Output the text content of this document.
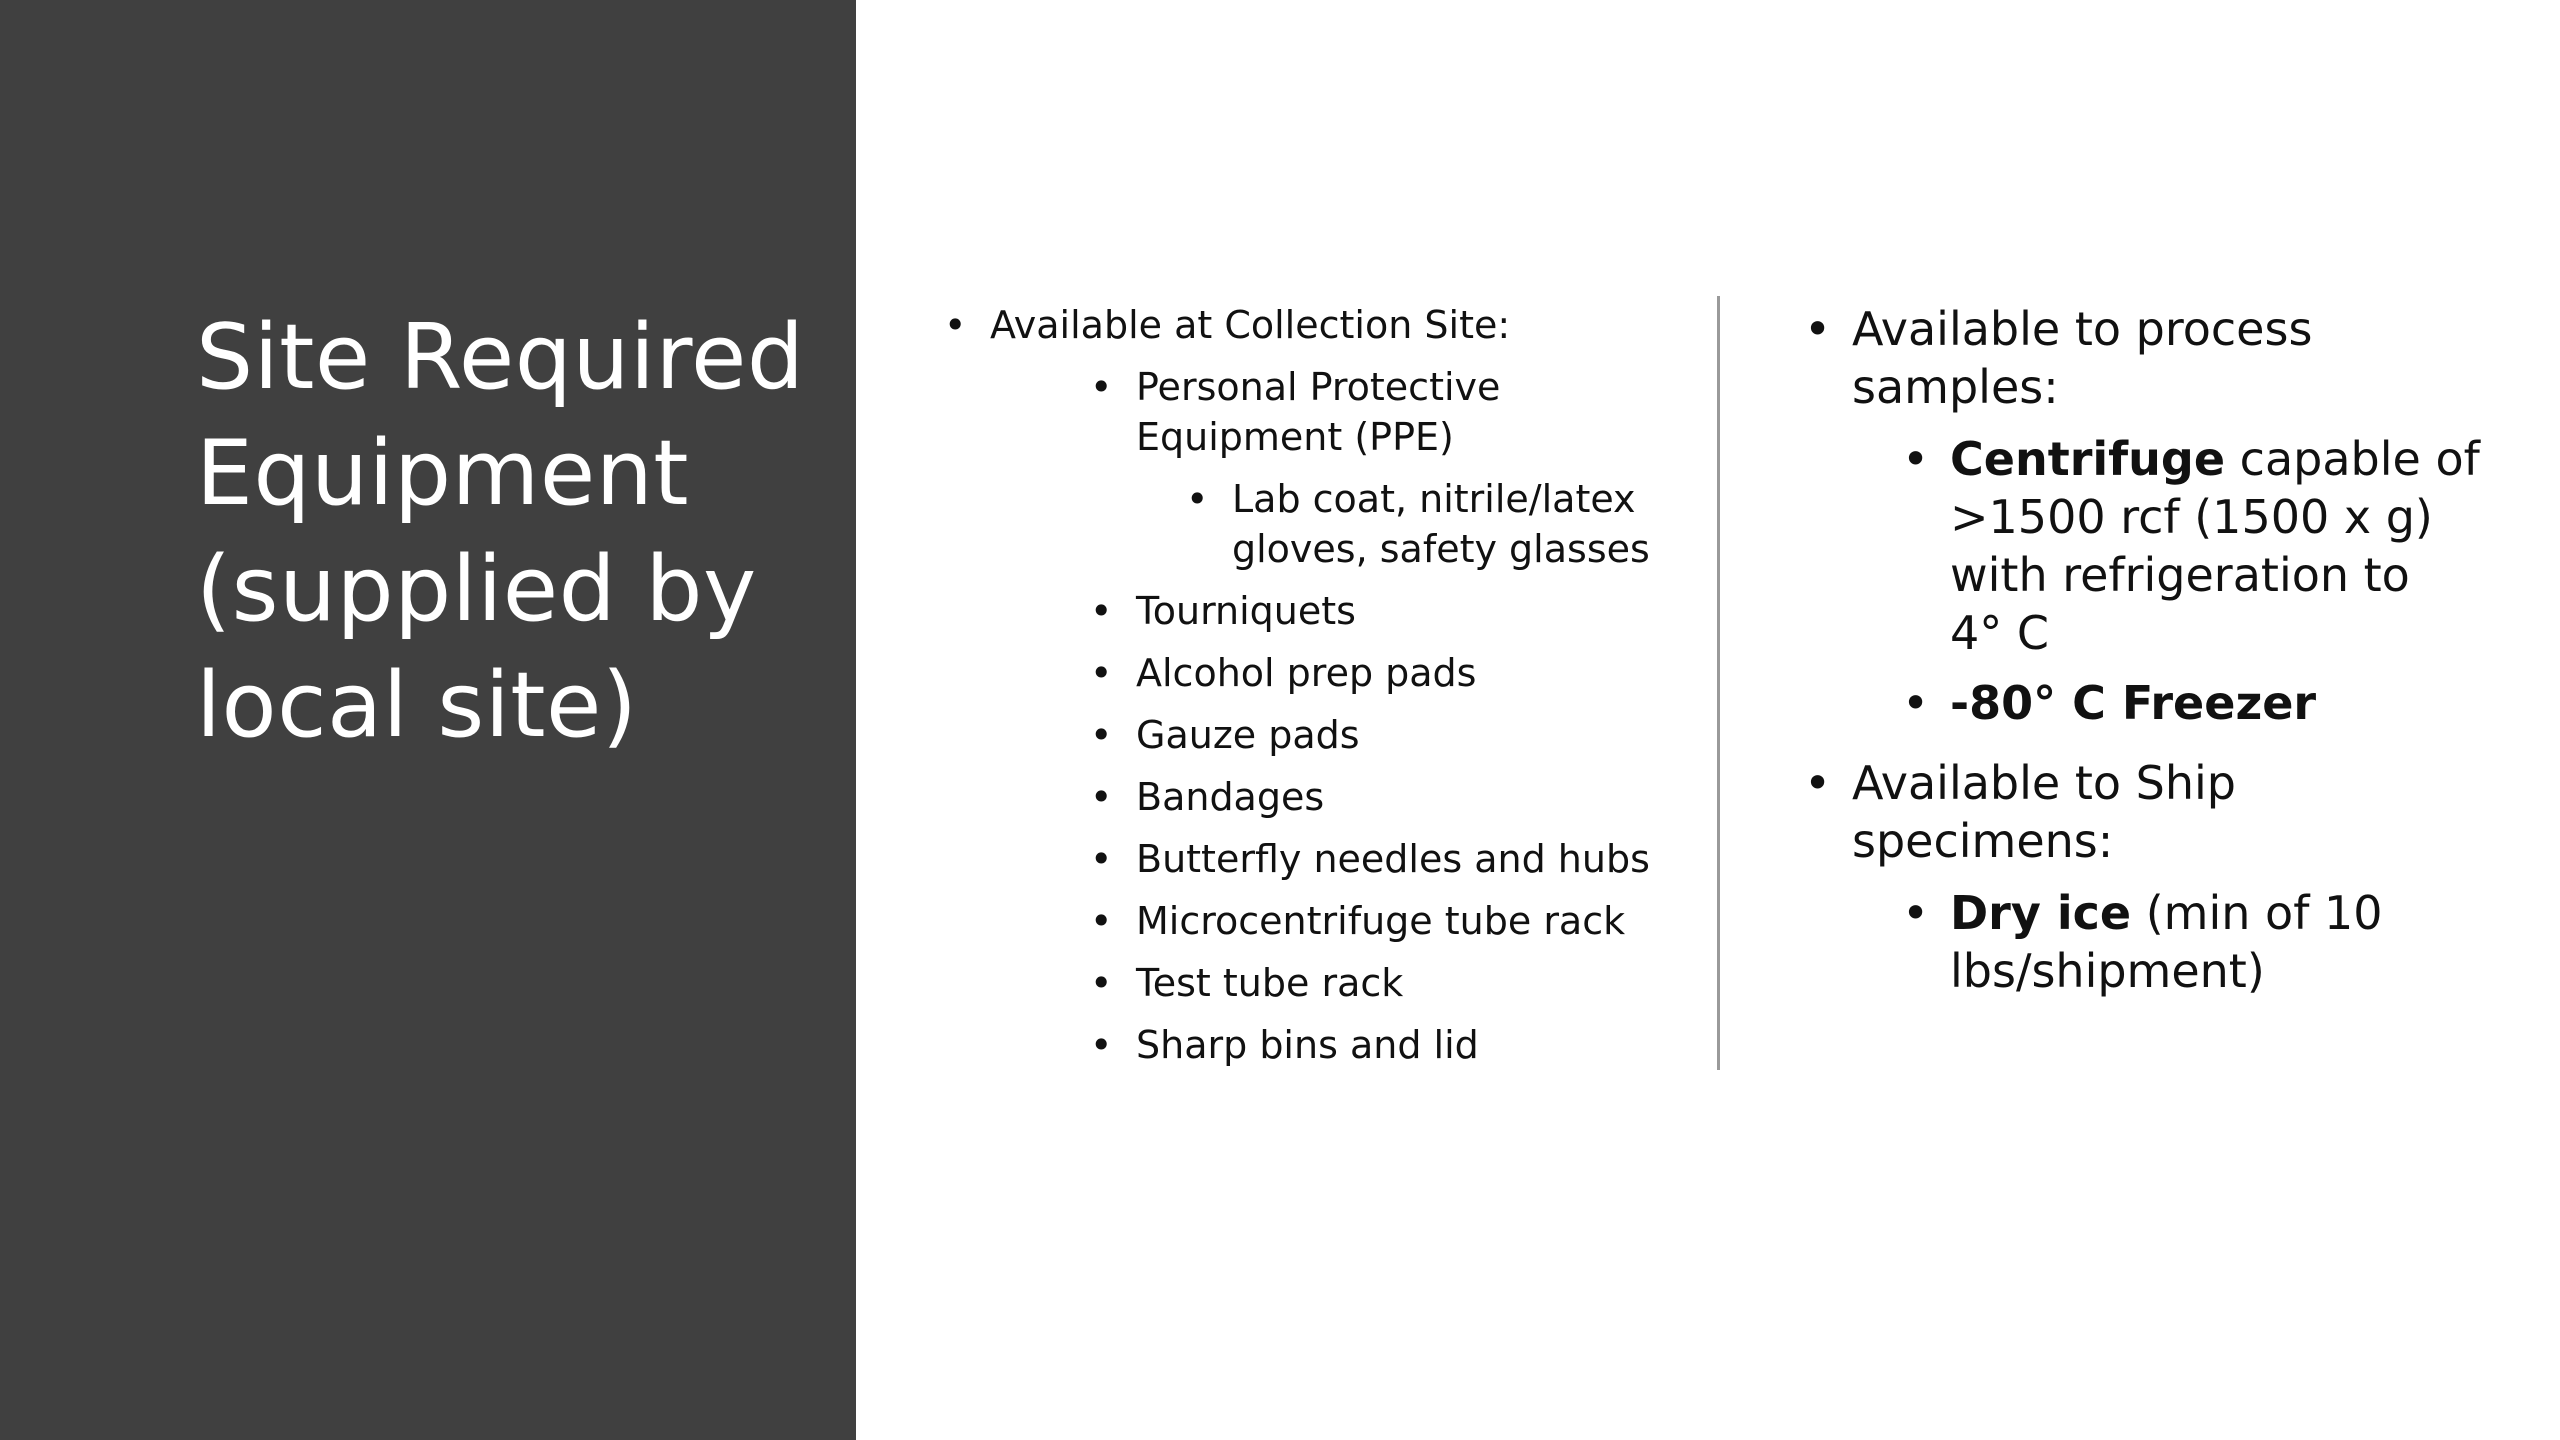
Site Required
Equipment
(supplied by
local site)
• Available at Collection Site:
• Personal Protective
Equipment (PPE)
• Lab coat, nitrile/latex
gloves, safety glasses
• Tourniquets
• Alcohol prep pads
• Gauze pads
• Bandages
• Butterfly needles and hubs
• Microcentrifuge tube rack
• Test tube rack
• Sharp bins and lid
• Available to process
samples:
• Centrifuge capable of
>1500 rcf (1500 x g)
with refrigeration to
4° C
• -80° C Freezer
• Available to Ship
specimens:
• Dry ice (min of 10
lbs/shipment)
